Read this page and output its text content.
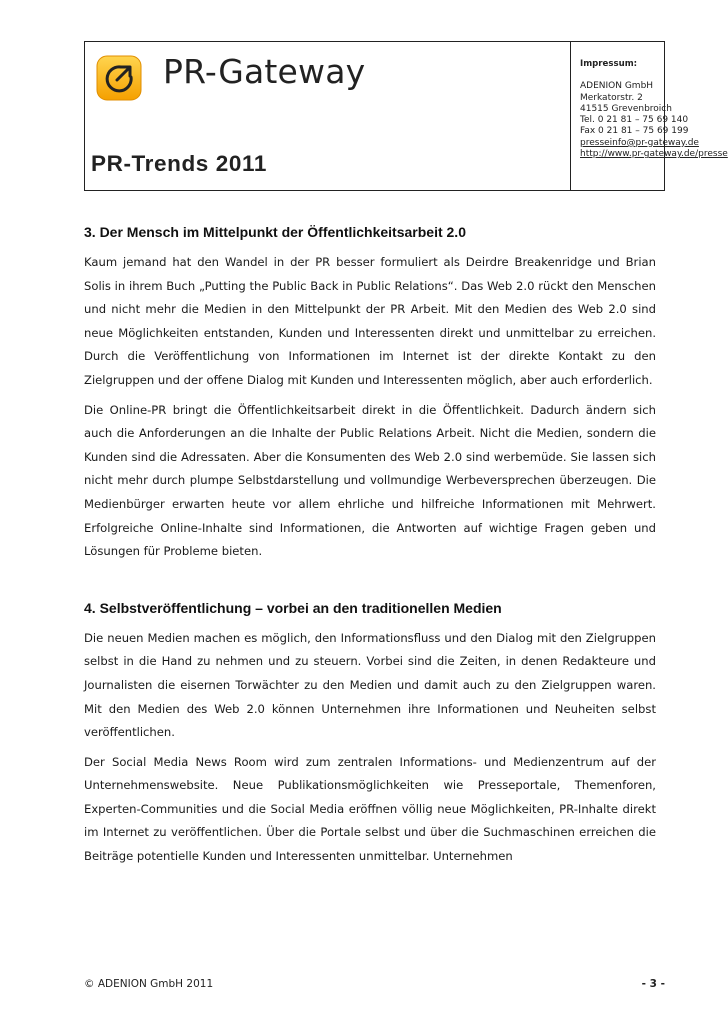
PR-Gateway
PR-Trends 2011
Impressum:
ADENION GmbH
Merkatorstr. 2
41515 Grevenbroich
Tel. 0 21 81 – 75 69 140
Fax 0 21 81 – 75 69 199
presseinfo@pr-gateway.de
http://www.pr-gateway.de/presse
3. Der Mensch im Mittelpunkt der Öffentlichkeitsarbeit 2.0

Kaum jemand hat den Wandel in der PR besser formuliert als Deirdre Breakenridge und Brian Solis in ihrem Buch „Putting the Public Back in Public Relations“. Das Web 2.0 rückt den Menschen und nicht mehr die Medien in den Mittelpunkt der PR Arbeit. Mit den Medien des Web 2.0 sind neue Möglichkeiten entstanden, Kunden und Interessenten direkt und unmittelbar zu erreichen. Durch die Veröffentlichung von Informationen im Internet ist der direkte Kontakt zu den Zielgruppen und der offene Dialog mit Kunden und Interessenten möglich, aber auch erforderlich.

Die Online-PR bringt die Öffentlichkeitsarbeit direkt in die Öffentlichkeit. Dadurch ändern sich auch die Anforderungen an die Inhalte der Public Relations Arbeit. Nicht die Medien, sondern die Kunden sind die Adressaten. Aber die Konsumenten des Web 2.0 sind werbemüde. Sie lassen sich nicht mehr durch plumpe Selbstdarstellung und vollmundige Werbeversprechen überzeugen. Die Medienbürger erwarten heute vor allem ehrliche und hilfreiche Informationen mit Mehrwert. Erfolgreiche Online-Inhalte sind Informationen, die Antworten auf wichtige Fragen geben und Lösungen für Probleme bieten.

4. Selbstveröffentlichung – vorbei an den traditionellen Medien

Die neuen Medien machen es möglich, den Informationsfluss und den Dialog mit den Zielgruppen selbst in die Hand zu nehmen und zu steuern. Vorbei sind die Zeiten, in denen Redakteure und Journalisten die eisernen Torwächter zu den Medien und damit auch zu den Zielgruppen waren. Mit den Medien des Web 2.0 können Unternehmen ihre Informationen und Neuheiten selbst veröffentlichen.

Der Social Media News Room wird zum zentralen Informations- und Medienzentrum auf der Unternehmenswebsite. Neue Publikationsmöglichkeiten wie Presseportale, Themenforen, Experten-Communities und die Social Media eröffnen völlig neue Möglichkeiten, PR-Inhalte direkt im Internet zu veröffentlichen. Über die Portale selbst und über die Suchmaschinen erreichen die Beiträge potentielle Kunden und Interessenten unmittelbar. Unternehmen

© ADENION GmbH 2011	- 3 -
